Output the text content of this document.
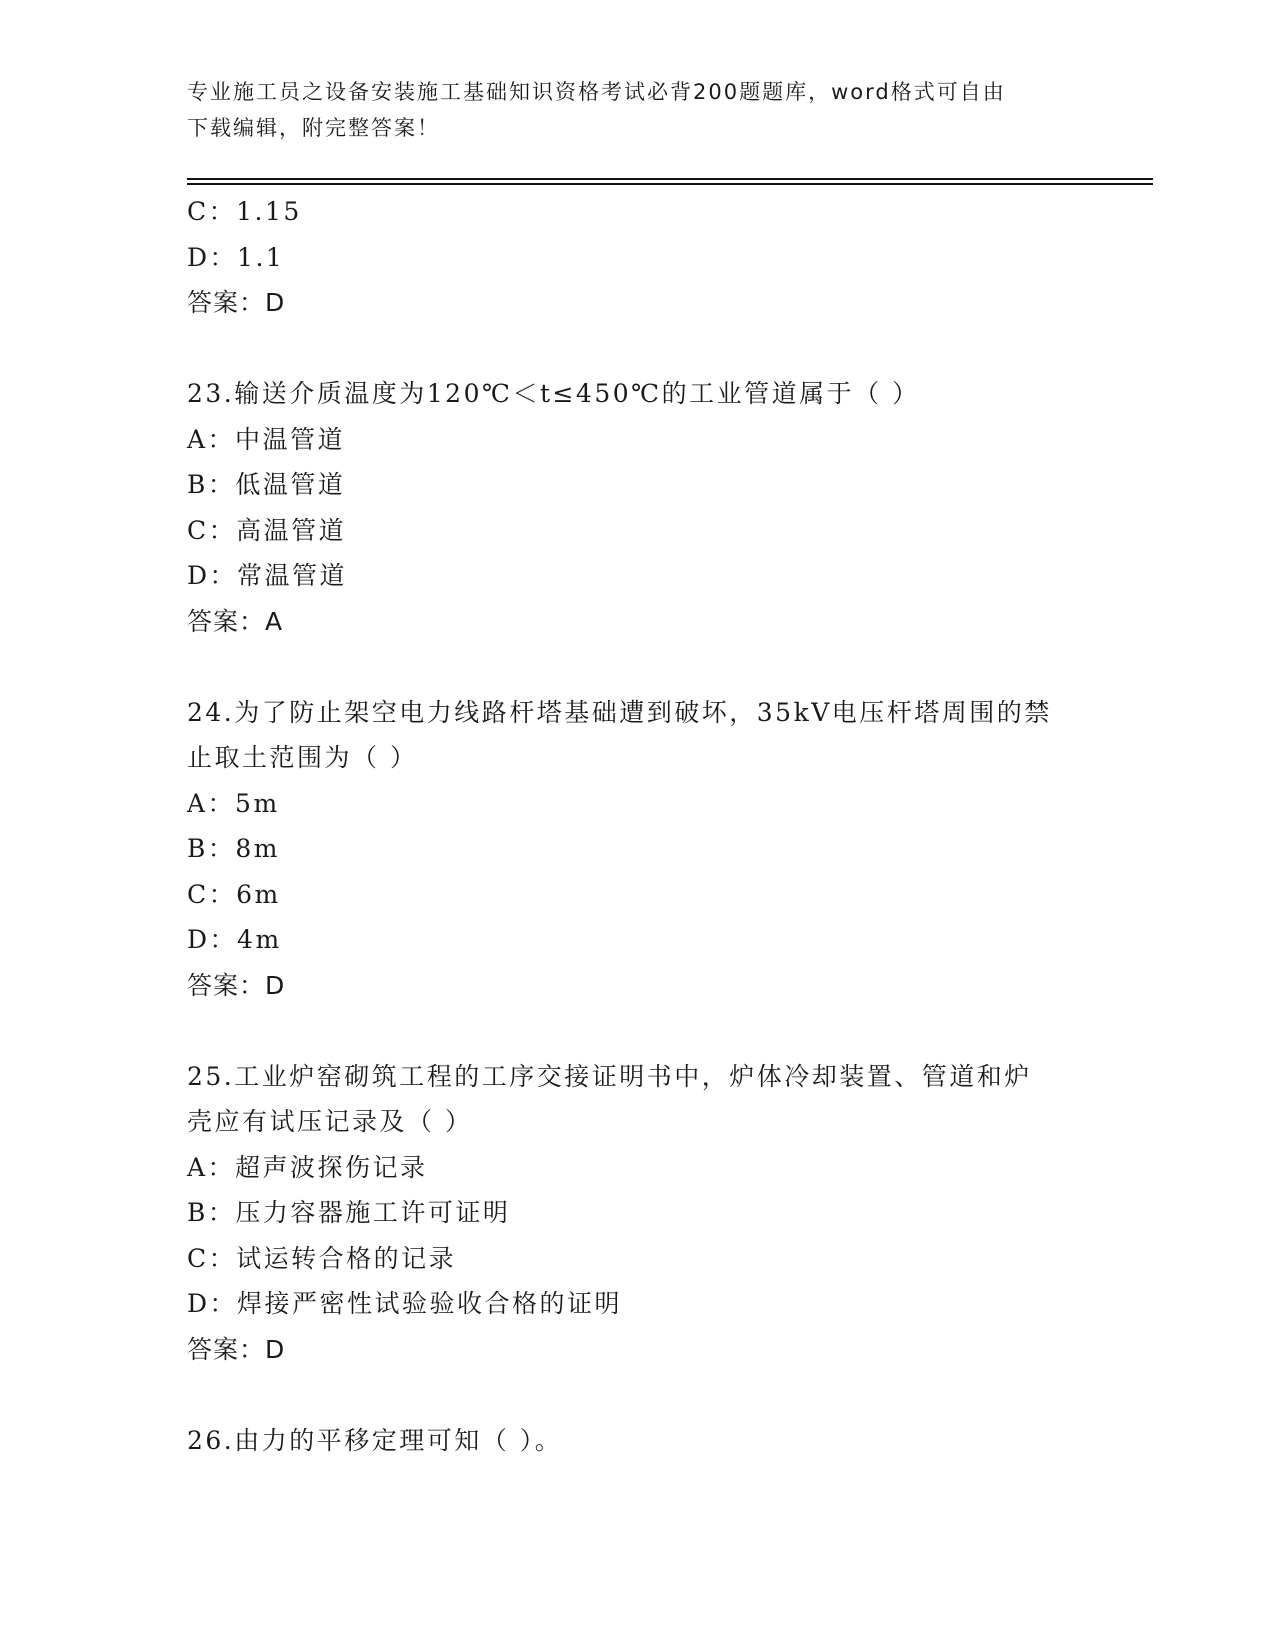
专业施工员之设备安装施工基础知识资格考试必背200题题库，word格式可自由
下载编辑，附完整答案！
C：1.15
D：1.1
答案：D
23.输送介质温度为120℃＜t≤450℃的工业管道属于（ ）
A：中温管道
B：低温管道
C：高温管道
D：常温管道
答案：A
24.为了防止架空电力线路杆塔基础遭到破坏，35kV电压杆塔周围的禁
止取土范围为（ ）
A：5m
B：8m
C：6m
D：4m
答案：D
25.工业炉窑砌筑工程的工序交接证明书中，炉体冷却装置、管道和炉
壳应有试压记录及（ ）
A：超声波探伤记录
B：压力容器施工许可证明
C：试运转合格的记录
D：焊接严密性试验验收合格的证明
答案：D
26.由力的平移定理可知（ ）。
